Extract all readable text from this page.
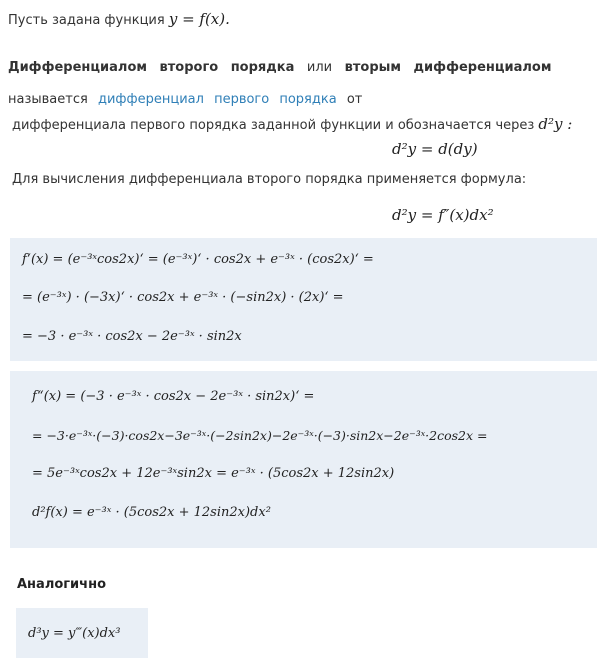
Пусть задана функция y = f(x).
Дифференциалом второго порядка или вторым дифференциалом
называется дифференциал первого порядка от
дифференциала первого порядка заданной функции и обозначается через d²y :
d²y = d(dy)
Для вычисления дифференциала второго порядка применяется формула:
d²y = f″(x)dx²
f‘(x) = (e⁻³ˣcos2x)‘ = (e⁻³ˣ)‘ · cos2x + e⁻³ˣ · (cos2x)‘ =
= (e⁻³ˣ) · (−3x)‘ · cos2x + e⁻³ˣ · (−sin2x) · (2x)‘ =
= −3 · e⁻³ˣ · cos2x − 2e⁻³ˣ · sin2x
f“(x) = (−3 · e⁻³ˣ · cos2x − 2e⁻³ˣ · sin2x)‘ =
= −3·e⁻³ˣ·(−3)·cos2x−3e⁻³ˣ·(−2sin2x)−2e⁻³ˣ·(−3)·sin2x−2e⁻³ˣ·2cos2x =
= 5e⁻³ˣcos2x + 12e⁻³ˣsin2x = e⁻³ˣ · (5cos2x + 12sin2x)
d²f(x) = e⁻³ˣ · (5cos2x + 12sin2x)dx²
Аналогично
d³y = y‴(x)dx³
